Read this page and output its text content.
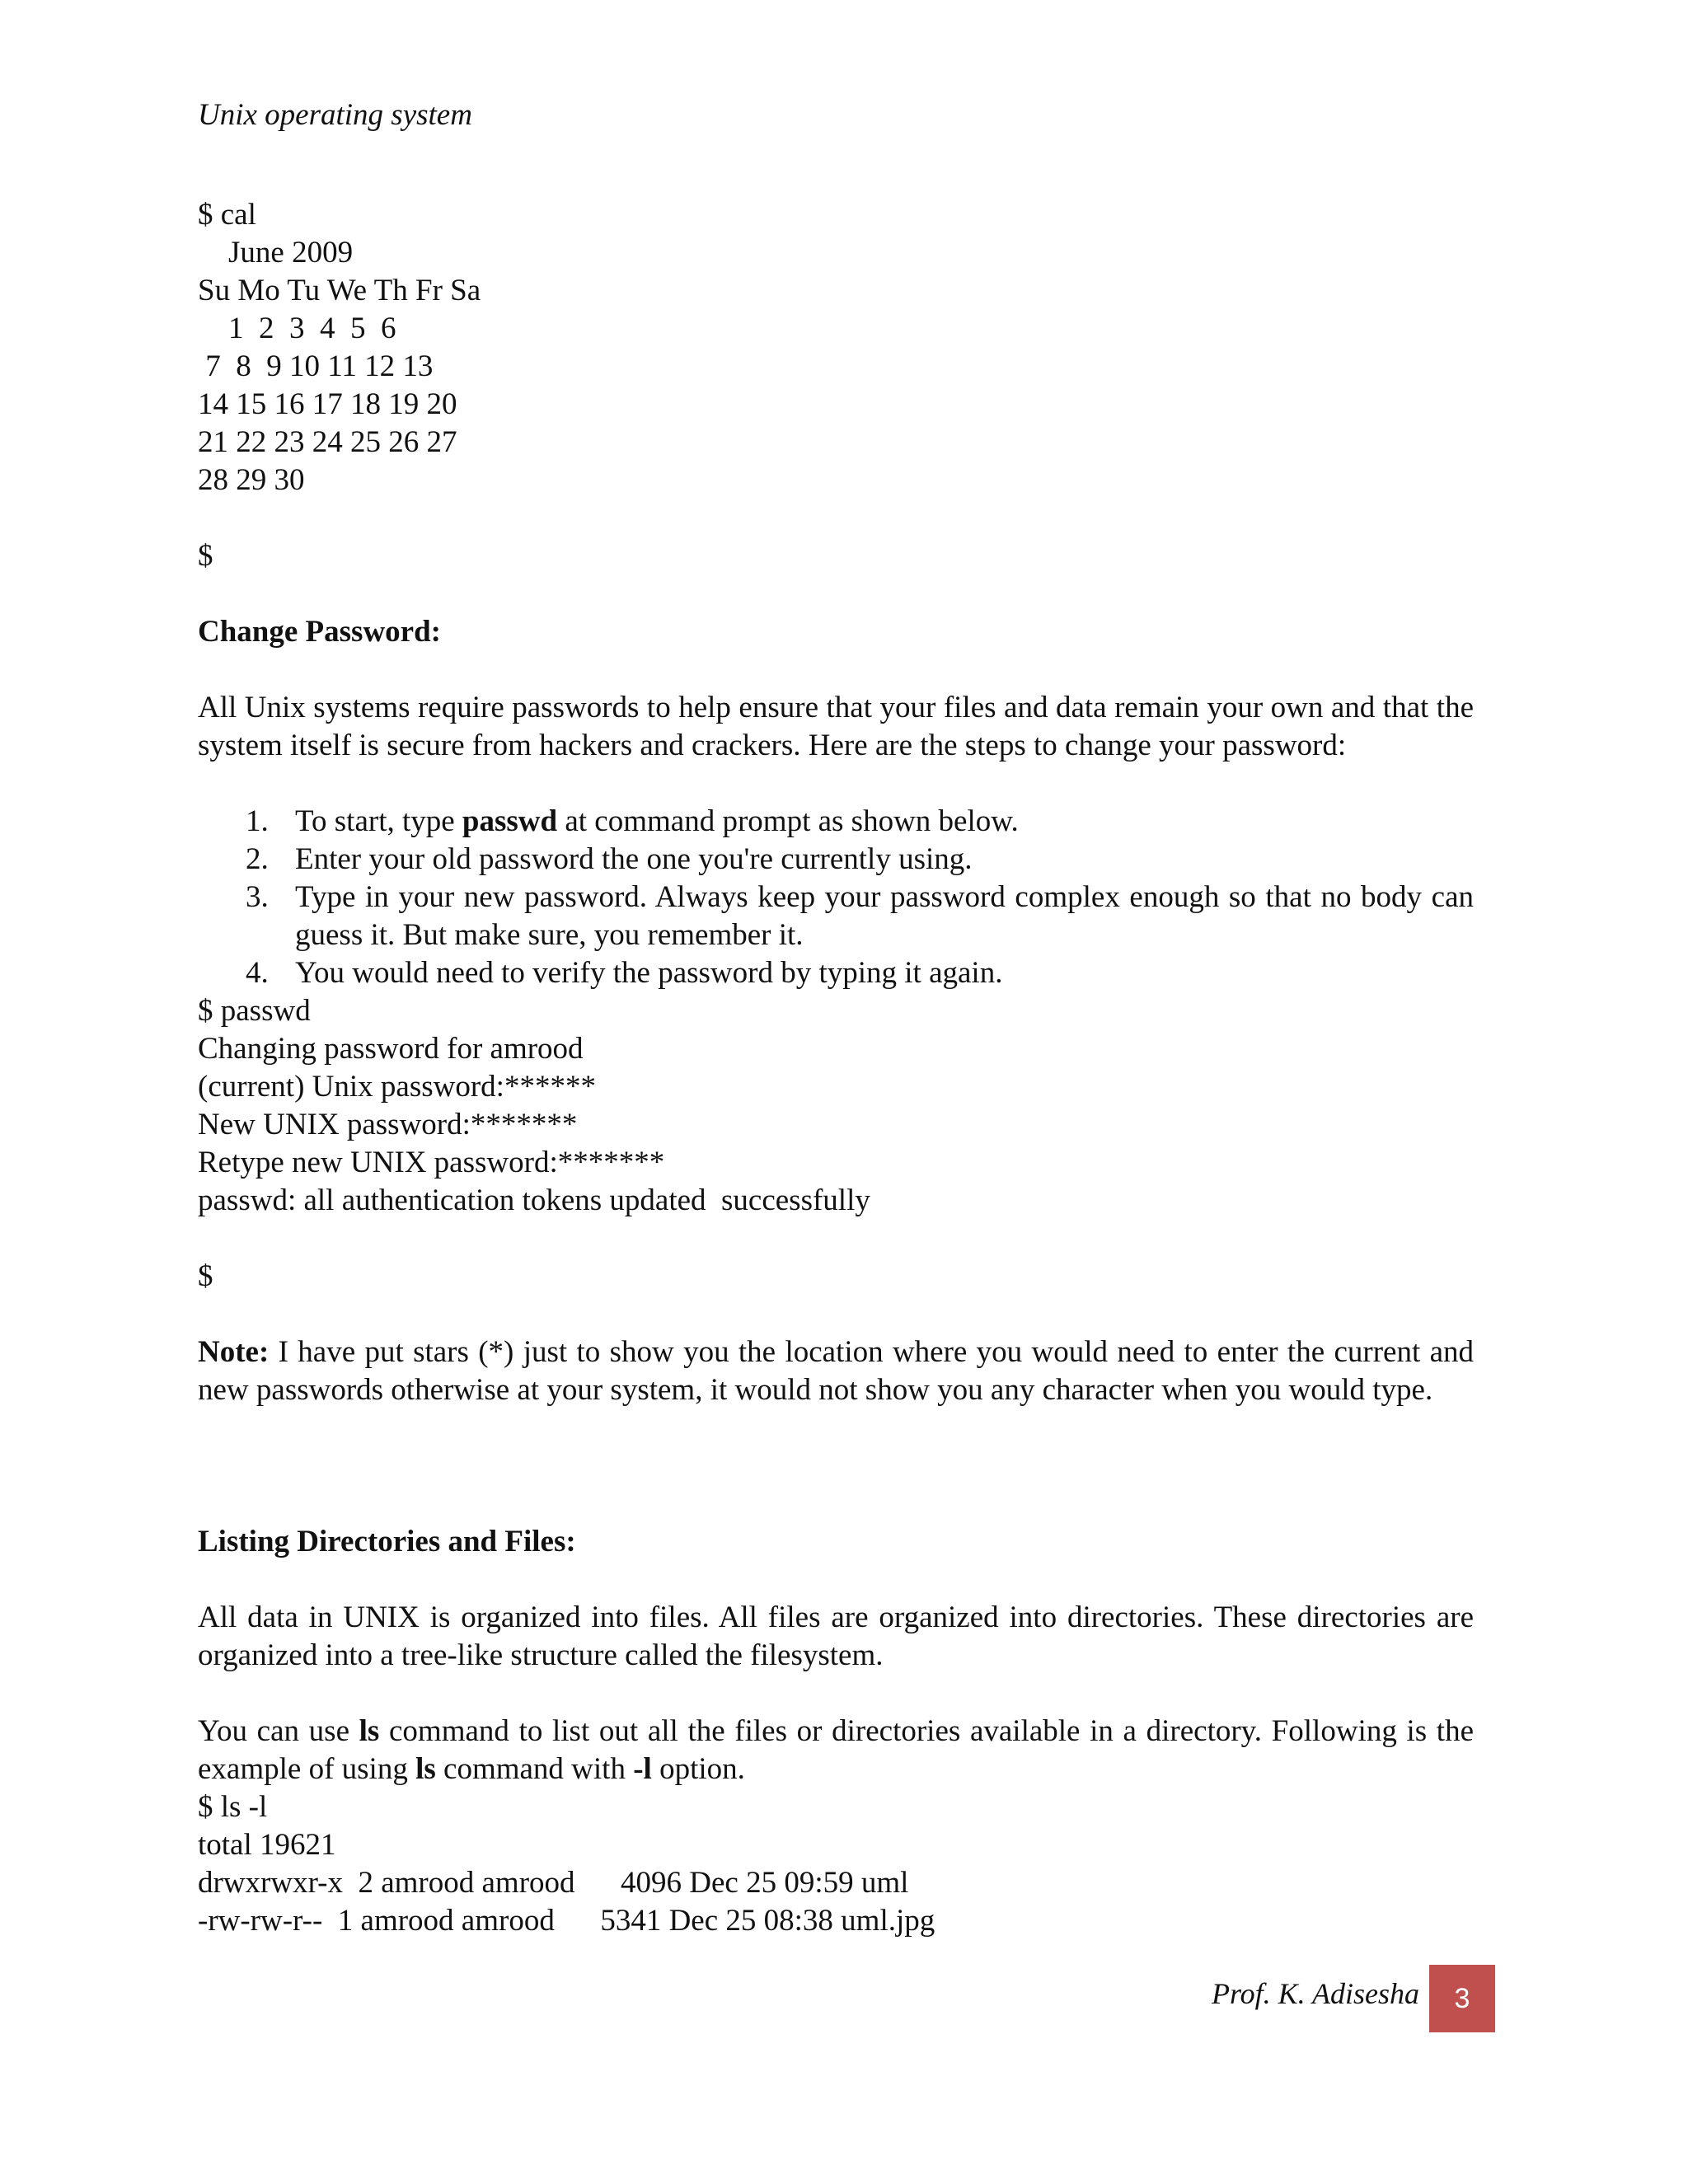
Unix operating system
$ cal
June 2009
Su Mo Tu We Th Fr Sa
1  2  3  4  5  6
7  8  9 10 11 12 13
14 15 16 17 18 19 20
21 22 23 24 25 26 27
28 29 30
$
Change Password:
All Unix systems require passwords to help ensure that your files and data remain your own and that the system itself is secure from hackers and crackers. Here are the steps to change your password:
1. To start, type passwd at command prompt as shown below.
2. Enter your old password the one you're currently using.
3. Type in your new password. Always keep your password complex enough so that no body can guess it. But make sure, you remember it.
4. You would need to verify the password by typing it again.
$ passwd
Changing password for amrood
(current) Unix password:******
New UNIX password:*******
Retype new UNIX password:*******
passwd: all authentication tokens updated  successfully
$
Note: I have put stars (*) just to show you the location where you would need to enter the current and new passwords otherwise at your system, it would not show you any character when you would type.
Listing Directories and Files:
All data in UNIX is organized into files. All files are organized into directories. These directories are organized into a tree-like structure called the filesystem.
You can use ls command to list out all the files or directories available in a directory. Following is the example of using ls command with -l option.
$ ls -l
total 19621
drwxrwxr-x  2 amrood amrood      4096 Dec 25 09:59 uml
-rw-rw-r--  1 amrood amrood      5341 Dec 25 08:38 uml.jpg
Prof. K. Adisesha	3
